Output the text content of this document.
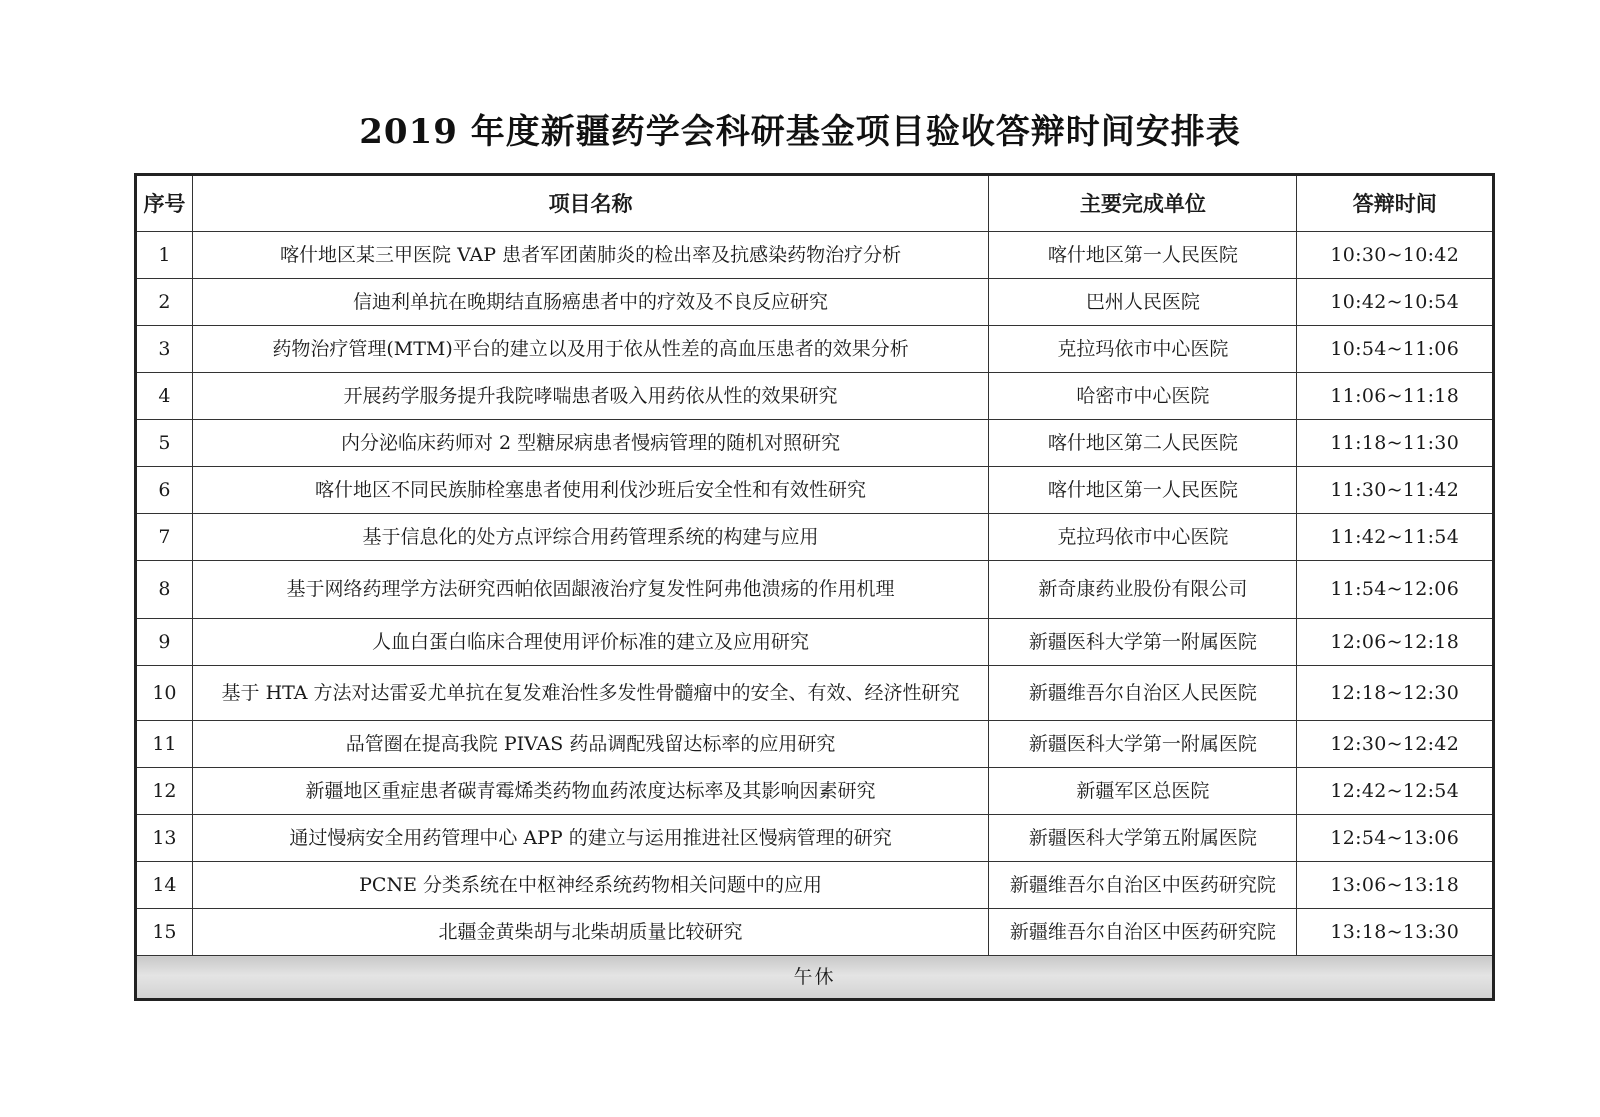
2019 年度新疆药学会科研基金项目验收答辩时间安排表
序号	项目名称	主要完成单位	答辩时间
1	喀什地区某三甲医院 VAP 患者军团菌肺炎的检出率及抗感染药物治疗分析	喀什地区第一人民医院	10:30~10:42
2	信迪利单抗在晚期结直肠癌患者中的疗效及不良反应研究	巴州人民医院	10:42~10:54
3	药物治疗管理(MTM)平台的建立以及用于依从性差的高血压患者的效果分析	克拉玛依市中心医院	10:54~11:06
4	开展药学服务提升我院哮喘患者吸入用药依从性的效果研究	哈密市中心医院	11:06~11:18
5	内分泌临床药师对 2 型糖尿病患者慢病管理的随机对照研究	喀什地区第二人民医院	11:18~11:30
6	喀什地区不同民族肺栓塞患者使用利伐沙班后安全性和有效性研究	喀什地区第一人民医院	11:30~11:42
7	基于信息化的处方点评综合用药管理系统的构建与应用	克拉玛依市中心医院	11:42~11:54
8	基于网络药理学方法研究西帕依固龈液治疗复发性阿弗他溃疡的作用机理	新奇康药业股份有限公司	11:54~12:06
9	人血白蛋白临床合理使用评价标准的建立及应用研究	新疆医科大学第一附属医院	12:06~12:18
10	基于 HTA 方法对达雷妥尤单抗在复发难治性多发性骨髓瘤中的安全、有效、经济性研究	新疆维吾尔自治区人民医院	12:18~12:30
11	品管圈在提高我院 PIVAS 药品调配残留达标率的应用研究	新疆医科大学第一附属医院	12:30~12:42
12	新疆地区重症患者碳青霉烯类药物血药浓度达标率及其影响因素研究	新疆军区总医院	12:42~12:54
13	通过慢病安全用药管理中心 APP 的建立与运用推进社区慢病管理的研究	新疆医科大学第五附属医院	12:54~13:06
14	PCNE 分类系统在中枢神经系统药物相关问题中的应用	新疆维吾尔自治区中医药研究院	13:06~13:18
15	北疆金黄柴胡与北柴胡质量比较研究	新疆维吾尔自治区中医药研究院	13:18~13:30
午休			
